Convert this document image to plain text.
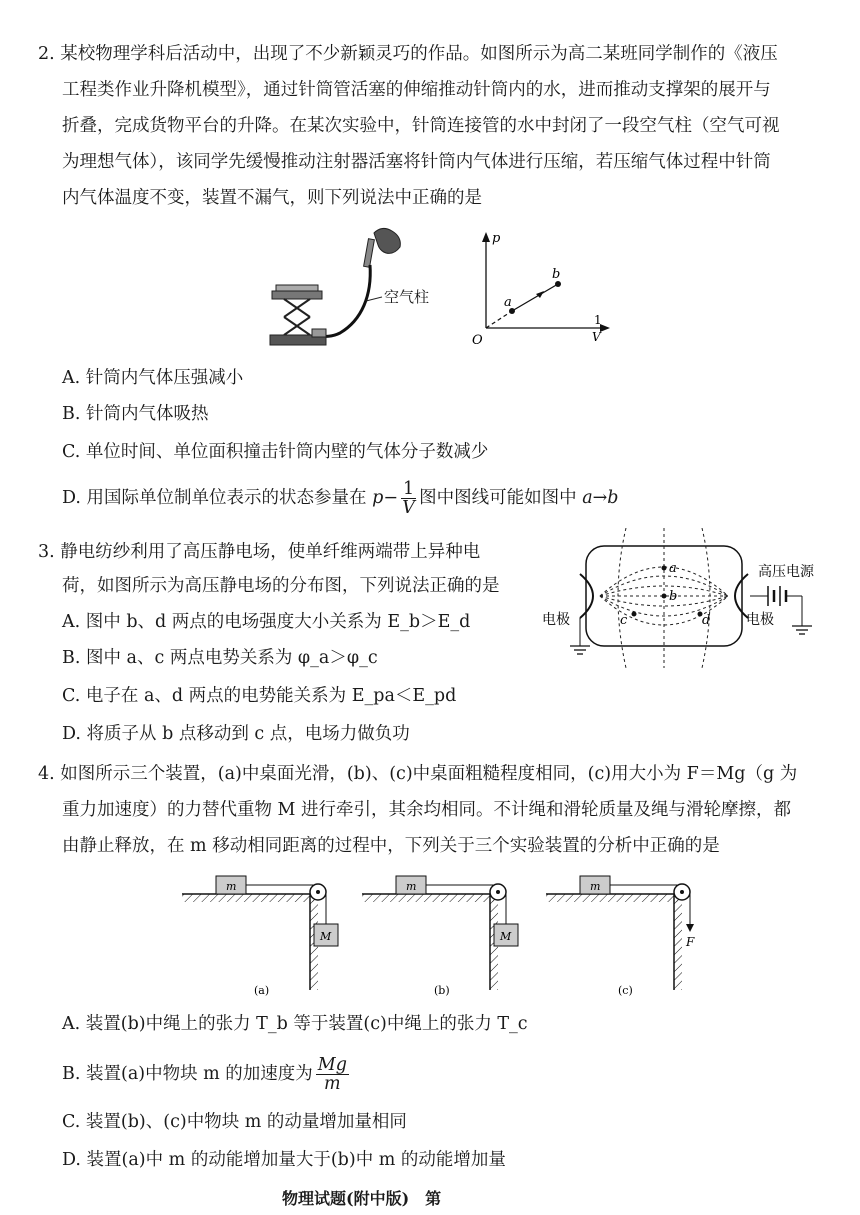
2. 某校物理学科后活动中，出现了不少新颖灵巧的作品。如图所示为高二某班同学制作的《液压
工程类作业升降机模型》，通过针筒管活塞的伸缩推动针筒内的水，进而推动支撑架的展开与
折叠，完成货物平台的升降。在某次实验中，针筒连接管的水中封闭了一段空气柱（空气可视
为理想气体），该同学先缓慢推动注射器活塞将针筒内气体进行压缩，若压缩气体过程中针筒
内气体温度不变，装置不漏气，则下列说法中正确的是
空气柱
p
a
b
O
1
V
A. 针筒内气体压强减小
B. 针筒内气体吸热
C. 单位时间、单位面积撞击针筒内壁的气体分子数减少
D. 用国际单位制单位表示的状态参量在 $p- \frac{1}{V}$ 图中图线可能如图中 a→b
3. 静电纺纱利用了高压静电场，使单纤维两端带上异种电
荷，如图所示为高压静电场的分布图，下列说法正确的是
a
b
c	d
高压电源
电极	电极
A. 图中 b、d 两点的电场强度大小关系为 E_b＞E_d
B. 图中 a、c 两点电势关系为 φ_a＞φ_c
C. 电子在 a、d 两点的电势能关系为 E_pa＜E_pd
D. 将质子从 b 点移动到 c 点，电场力做负功
4. 如图所示三个装置，(a)中桌面光滑，(b)、(c)中桌面粗糙程度相同，(c)用大小为 F＝Mg（g 为
重力加速度）的力替代重物 M 进行牵引，其余均相同。不计绳和滑轮质量及绳与滑轮摩擦，都
由静止释放，在 m 移动相同距离的过程中，下列关于三个实验装置的分析中正确的是
m
M
(a)
m
M
(b)
m
F
(c)
A. 装置(b)中绳上的张力 T_b 等于装置(c)中绳上的张力 T_c
B. 装置(a)中物块 m 的加速度为 $\frac{Mg}{m}$
C. 装置(b)、(c)中物块 m 的动量增加量相同
D. 装置(a)中 m 的动能增加量大于(b)中 m 的动能增加量
物理试题(附中版)　第
